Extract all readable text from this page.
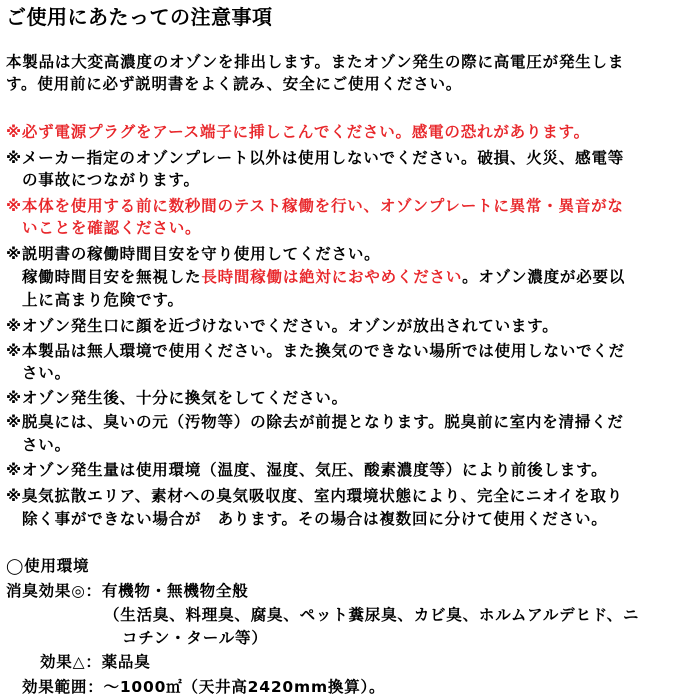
ご使用にあたっての注意事項
本製品は大変高濃度のオゾンを排出します。またオゾン発生の際に高電圧が発生しま
す。使用前に必ず説明書をよく読み、安全にご使用ください。
※必ず電源プラグをアース端子に挿しこんでください。感電の恐れがあります。
※メーカー指定のオゾンプレート以外は使用しないでください。破損、火災、感電等
の事故につながります。
※本体を使用する前に数秒間のテスト稼働を行い、オゾンプレートに異常・異音がな
いことを確認ください。
※説明書の稼働時間目安を守り使用してください。
稼働時間目安を無視した長時間稼働は絶対におやめください。オゾン濃度が必要以
上に高まり危険です。
※オゾン発生口に顔を近づけないでください。オゾンが放出されています。
※本製品は無人環境で使用ください。また換気のできない場所では使用しないでくだ
さい。
※オゾン発生後、十分に換気をしてください。
※脱臭には、臭いの元（汚物等）の除去が前提となります。脱臭前に室内を清掃くだ
さい。
※オゾン発生量は使用環境（温度、湿度、気圧、酸素濃度等）により前後します。
※臭気拡散エリア、素材への臭気吸収度、室内環境状態により、完全にニオイを取り
除く事ができない場合が　あります。その場合は複数回に分けて使用ください。
◯使用環境
消臭効果◎：有機物・無機物全般
（生活臭、料理臭、腐臭、ペット糞尿臭、カビ臭、ホルムアルデヒド、ニ
コチン・タール等）
効果△：薬品臭
効果範囲：～1000㎡（天井高2420mm換算）。
